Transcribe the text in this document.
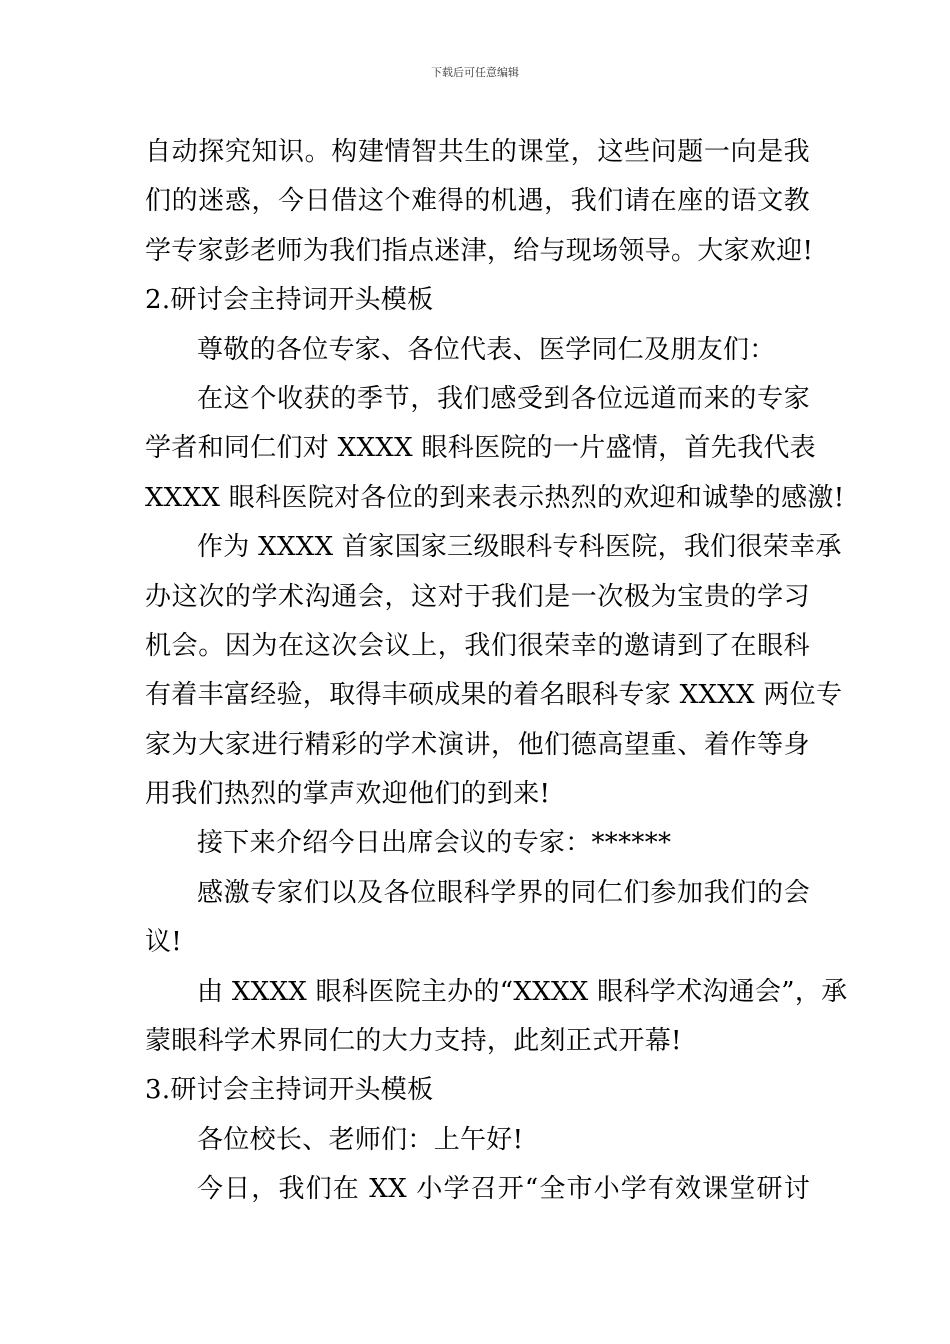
下载后可任意编辑
自动探究知识。构建情智共生的课堂，这些问题一向是我
们的迷惑，今日借这个难得的机遇，我们请在座的语文教
学专家彭老师为我们指点迷津，给与现场领导。大家欢迎!
2.研讨会主持词开头模板
尊敬的各位专家、各位代表、医学同仁及朋友们：
在这个收获的季节，我们感受到各位远道而来的专家
学者和同仁们对 XXXX 眼科医院的一片盛情，首先我代表
XXXX 眼科医院对各位的到来表示热烈的欢迎和诚挚的感激!
作为 XXXX 首家国家三级眼科专科医院，我们很荣幸承
办这次的学术沟通会，这对于我们是一次极为宝贵的学习
机会。因为在这次会议上，我们很荣幸的邀请到了在眼科
有着丰富经验，取得丰硕成果的着名眼科专家 XXXX 两位专
家为大家进行精彩的学术演讲，他们德高望重、着作等身
用我们热烈的掌声欢迎他们的到来!
接下来介绍今日出席会议的专家：******
感激专家们以及各位眼科学界的同仁们参加我们的会
议!
由 XXXX 眼科医院主办的“XXXX 眼科学术沟通会”，承
蒙眼科学术界同仁的大力支持，此刻正式开幕!
3.研讨会主持词开头模板
各位校长、老师们：上午好!
今日，我们在 XX 小学召开“全市小学有效课堂研讨
